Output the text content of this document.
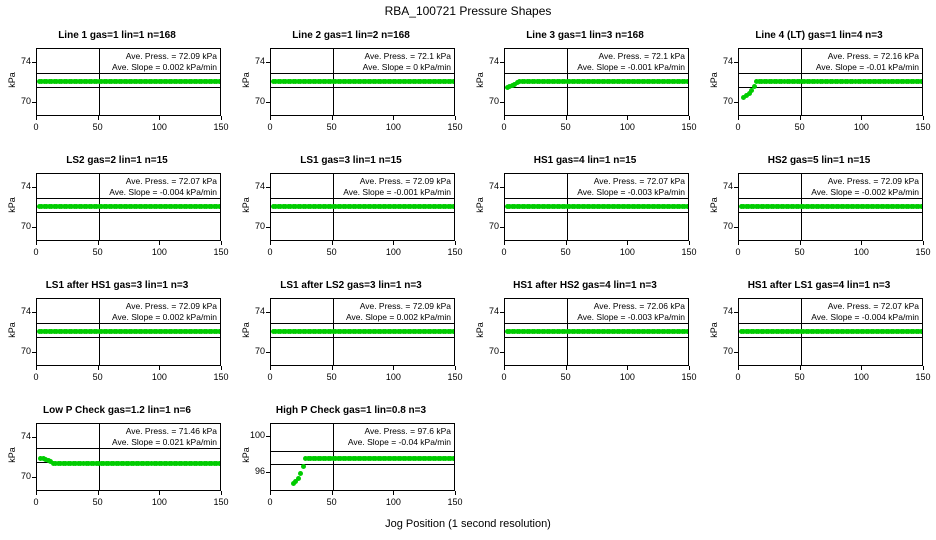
RBA_100721 Pressure Shapes
Line 1 gas=1 lin=1 n=168
kPa
70
74
0	50	100	150
Ave. Press. = 72.09 kPa
Ave. Slope = 0.002 kPa/min
Line 2 gas=1 lin=2 n=168
kPa
70
74
0	50	100	150
Ave. Press. = 72.1 kPa
Ave. Slope = 0 kPa/min
Line 3 gas=1 lin=3 n=168
kPa
70
74
0	50	100	150
Ave. Press. = 72.1 kPa
Ave. Slope = -0.001 kPa/min
Line 4 (LT) gas=1 lin=4 n=3
kPa
70
74
0	50	100	150
Ave. Press. = 72.16 kPa
Ave. Slope = -0.01 kPa/min
LS2 gas=2 lin=1 n=15
kPa
70
74
0	50	100	150
Ave. Press. = 72.07 kPa
Ave. Slope = -0.004 kPa/min
LS1 gas=3 lin=1 n=15
kPa
70
74
0	50	100	150
Ave. Press. = 72.09 kPa
Ave. Slope = -0.001 kPa/min
HS1 gas=4 lin=1 n=15
kPa
70
74
0	50	100	150
Ave. Press. = 72.07 kPa
Ave. Slope = -0.003 kPa/min
HS2 gas=5 lin=1 n=15
kPa
70
74
0	50	100	150
Ave. Press. = 72.09 kPa
Ave. Slope = -0.002 kPa/min
LS1 after HS1 gas=3 lin=1 n=3
kPa
70
74
0	50	100	150
Ave. Press. = 72.09 kPa
Ave. Slope = 0.002 kPa/min
LS1 after LS2 gas=3 lin=1 n=3
kPa
70
74
0	50	100	150
Ave. Press. = 72.09 kPa
Ave. Slope = 0.002 kPa/min
HS1 after HS2 gas=4 lin=1 n=3
kPa
70
74
0	50	100	150
Ave. Press. = 72.06 kPa
Ave. Slope = -0.003 kPa/min
HS1 after LS1 gas=4 lin=1 n=3
kPa
70
74
0	50	100	150
Ave. Press. = 72.07 kPa
Ave. Slope = -0.004 kPa/min
Low P Check gas=1.2 lin=1 n=6
kPa
70
74
0	50	100	150
Ave. Press. = 71.46 kPa
Ave. Slope = 0.021 kPa/min
High P Check gas=1 lin=0.8 n=3
kPa
96
100
0	50	100	150
Ave. Press. = 97.6 kPa
Ave. Slope = -0.04 kPa/min
Jog Position (1 second resolution)
